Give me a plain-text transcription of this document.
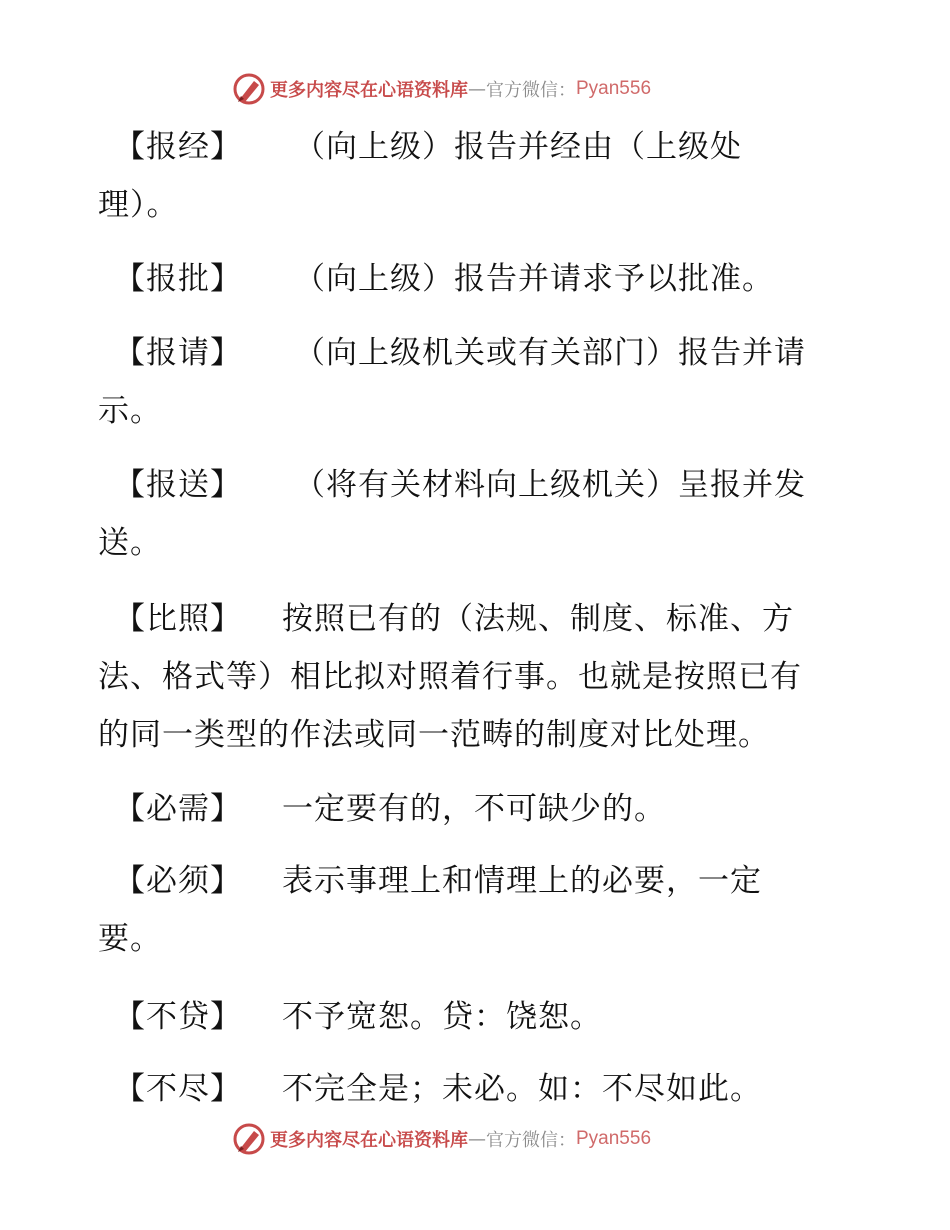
更多内容尽在心语资料库 — 官方微信： Pyan556
【报经】 （向上级）报告并经由（上级处
理）。
【报批】 （向上级）报告并请求予以批准。
【报请】 （向上级机关或有关部门）报告并请
示。
【报送】 （将有关材料向上级机关）呈报并发
送。
【比照】 按照已有的（法规、制度、标准、方
法、格式等）相比拟对照着行事。也就是按照已有
的同一类型的作法或同一范畴的制度对比处理。
【必需】 一定要有的，不可缺少的。
【必须】 表示事理上和情理上的必要，一定
要。
【不贷】 不予宽恕。贷：饶恕。
【不尽】 不完全是；未必。如：不尽如此。
更多内容尽在心语资料库 — 官方微信： Pyan556
